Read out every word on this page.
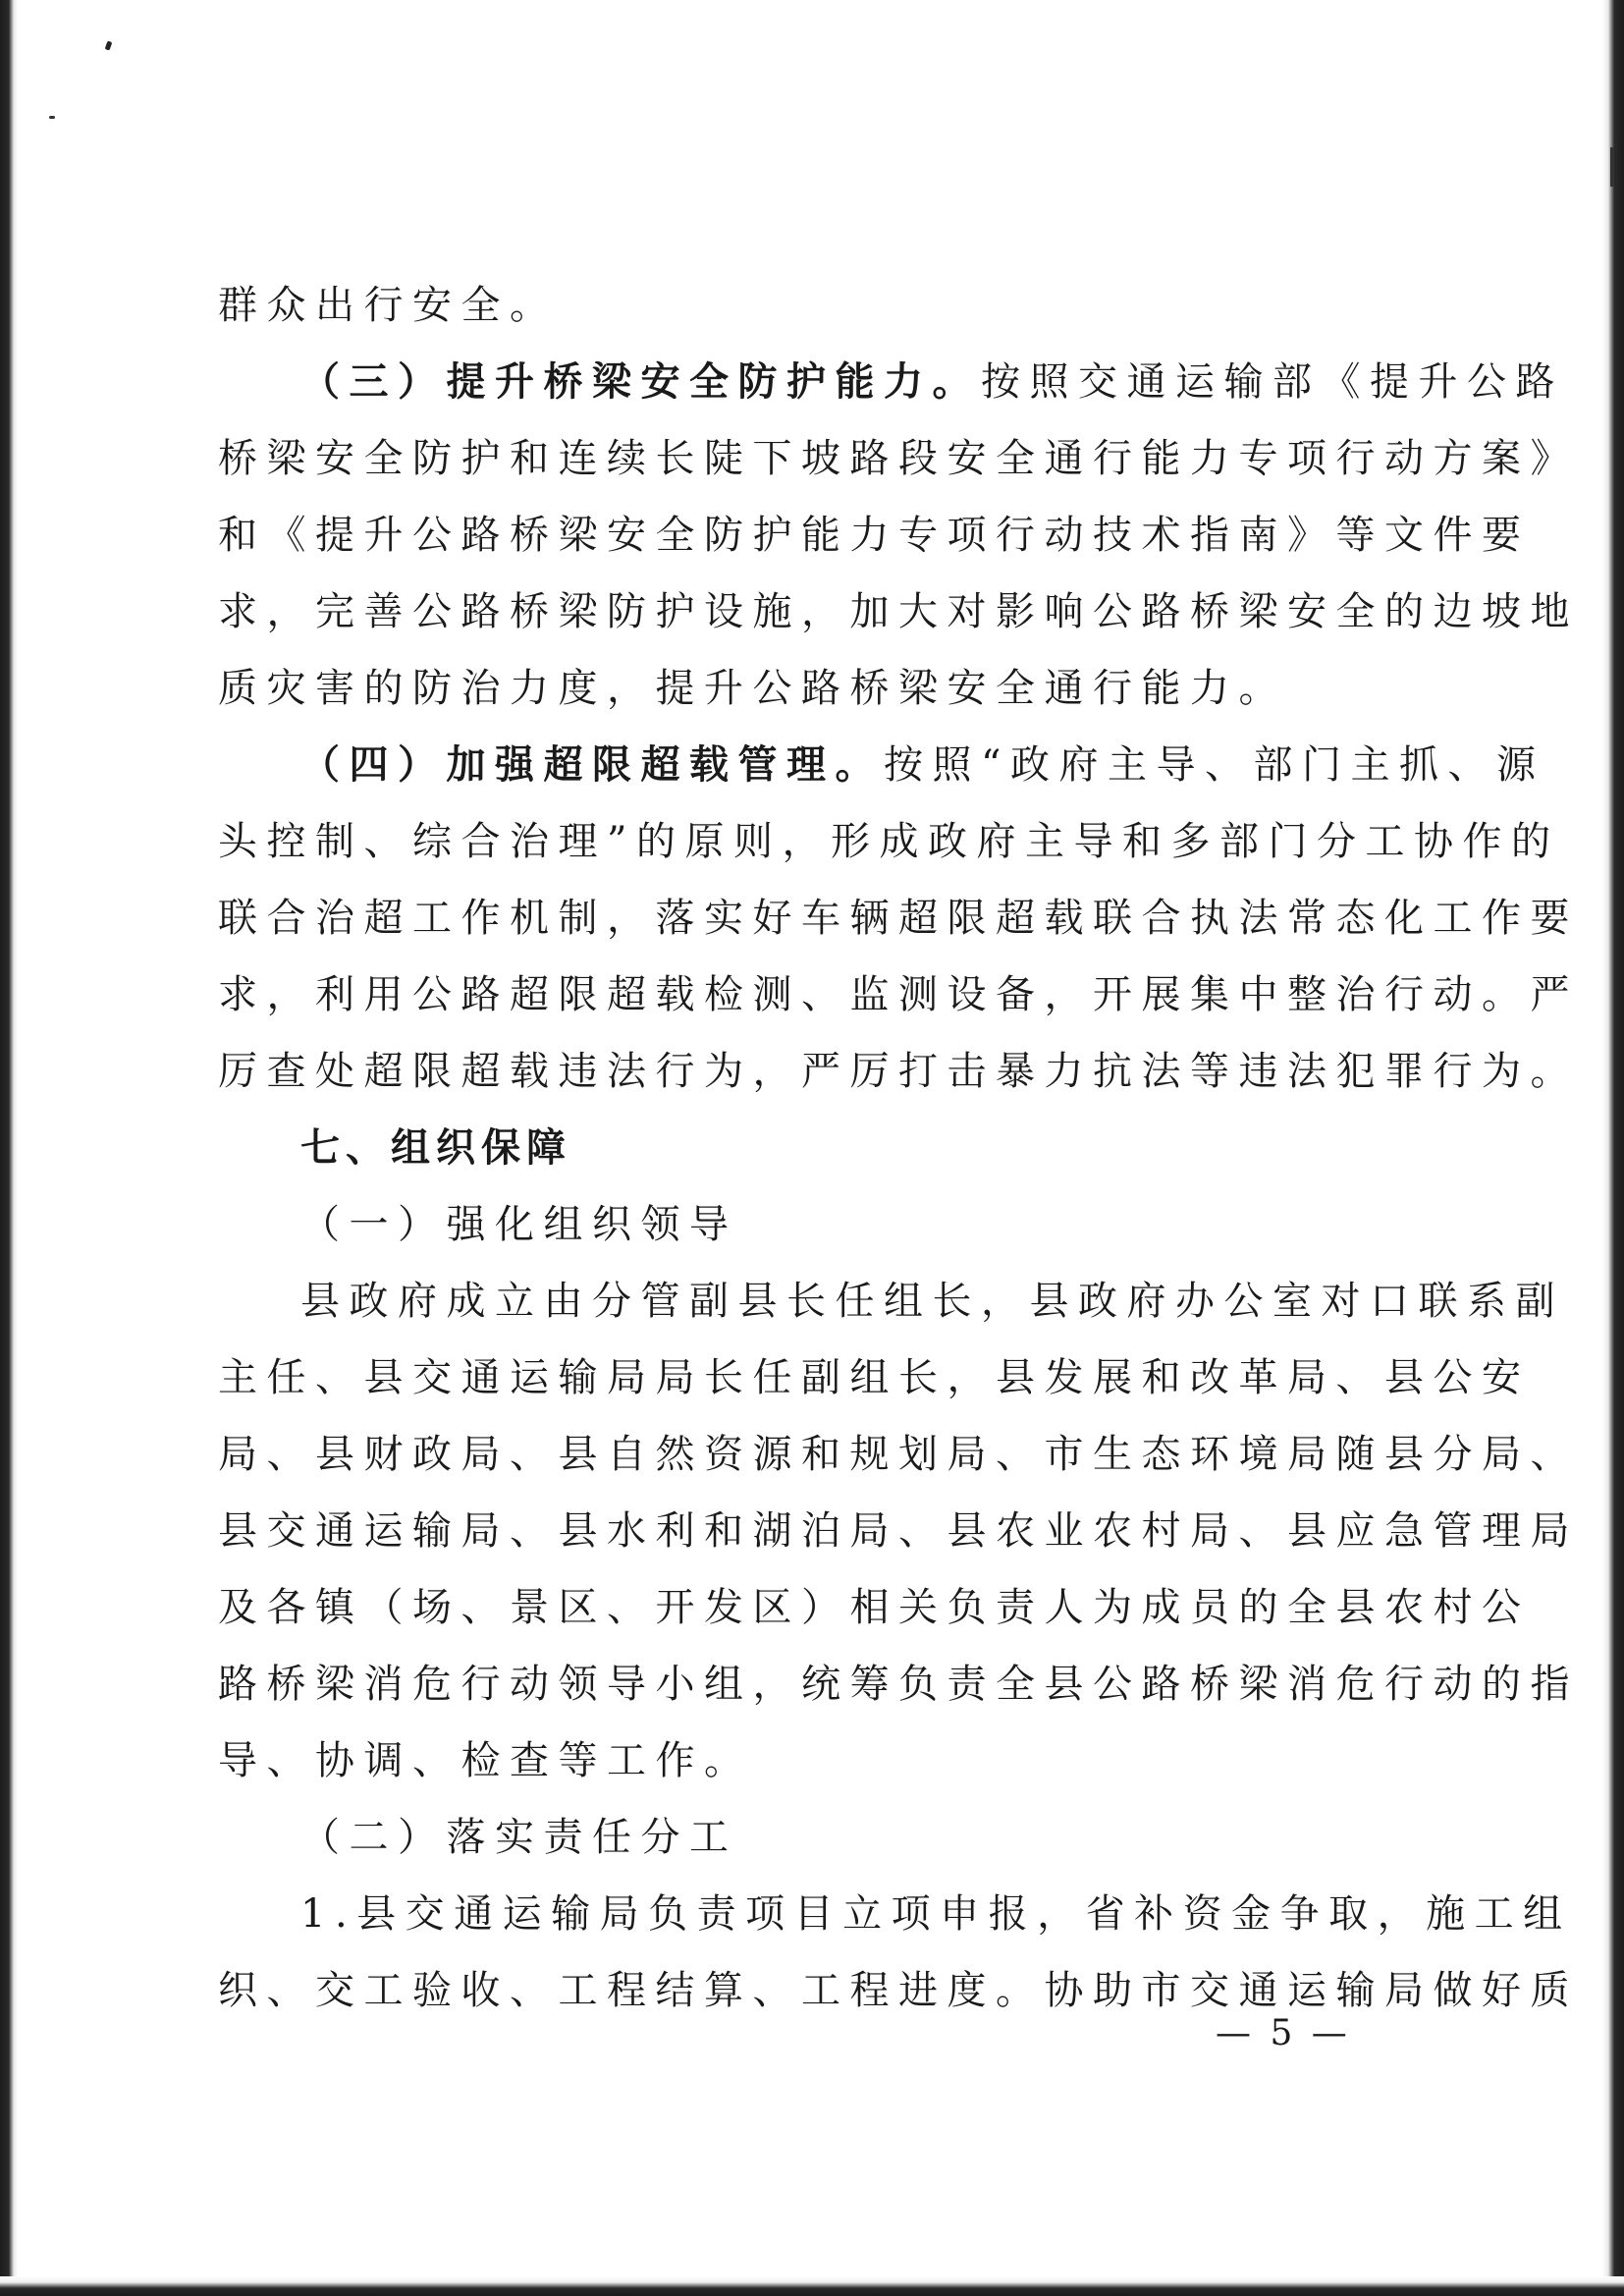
群众出行安全。
（三）提升桥梁安全防护能力。按照交通运输部《提升公路
桥梁安全防护和连续长陡下坡路段安全通行能力专项行动方案》
和《提升公路桥梁安全防护能力专项行动技术指南》等文件要
求，完善公路桥梁防护设施，加大对影响公路桥梁安全的边坡地
质灾害的防治力度，提升公路桥梁安全通行能力。
（四）加强超限超载管理。按照“政府主导、部门主抓、源
头控制、综合治理”的原则，形成政府主导和多部门分工协作的
联合治超工作机制，落实好车辆超限超载联合执法常态化工作要
求，利用公路超限超载检测、监测设备，开展集中整治行动。严
厉查处超限超载违法行为，严厉打击暴力抗法等违法犯罪行为。
七、组织保障
（一）强化组织领导
县政府成立由分管副县长任组长，县政府办公室对口联系副
主任、县交通运输局局长任副组长，县发展和改革局、县公安
局、县财政局、县自然资源和规划局、市生态环境局随县分局、
县交通运输局、县水利和湖泊局、县农业农村局、县应急管理局
及各镇（场、景区、开发区）相关负责人为成员的全县农村公
路桥梁消危行动领导小组，统筹负责全县公路桥梁消危行动的指
导、协调、检查等工作。
（二）落实责任分工
1.县交通运输局负责项目立项申报，省补资金争取，施工组
织、交工验收、工程结算、工程进度。协助市交通运输局做好质
— 5 —
